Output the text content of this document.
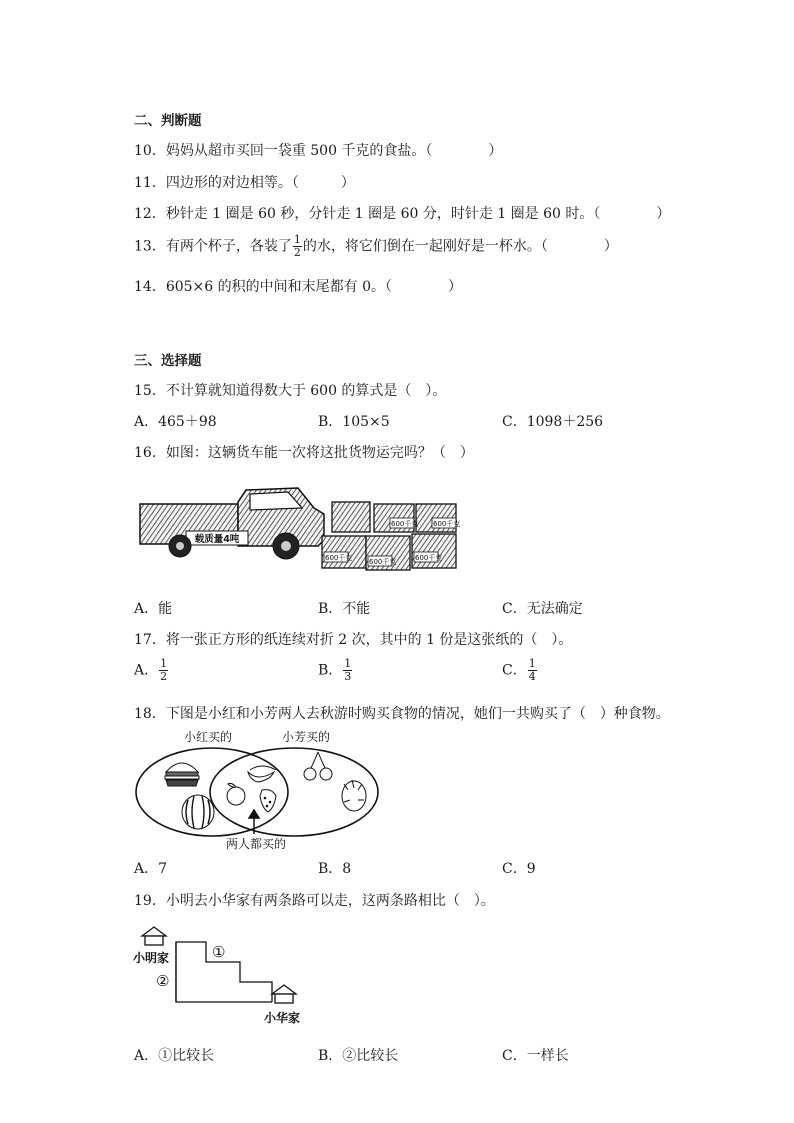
二、判断题
10．妈妈从超市买回一袋重 500 千克的食盐。（　　　　）
11．四边形的对边相等。（　　　）
12．秒针走 1 圈是 60 秒，分针走 1 圈是 60 分，时针走 1 圈是 60 时。（　　　　）
13．有两个杯子，各装了 $\frac{1}{2}$ 的水，将它们倒在一起刚好是一杯水。（　　　　）
14．605×6 的积的中间和末尾都有 0。（　　　　）
三、选择题
15．不计算就知道得数大于 600 的算式是（　）。
A．465＋98	B．105×5	C．1098＋256
16．如图：这辆货车能一次将这批货物运完吗？（　）
载质量4吨
600千克 600千克
600千克 600千克	600千克
A．能	B．不能	C．无法确定
17．将一张正方形的纸连续对折 2 次，其中的 1 份是这张纸的（　）。
A． $\frac{1}{2}$	B． $\frac{1}{3}$	C． $\frac{1}{4}$
18．下图是小红和小芳两人去秋游时购买食物的情况，她们一共购买了（　）种食物。
小红买的	小芳买的
两人都买的
A．7	B．8	C．9
19．小明去小华家有两条路可以走，这两条路相比（　）。
小明家	①
②
小华家
A．①比较长	B．②比较长	C．一样长
